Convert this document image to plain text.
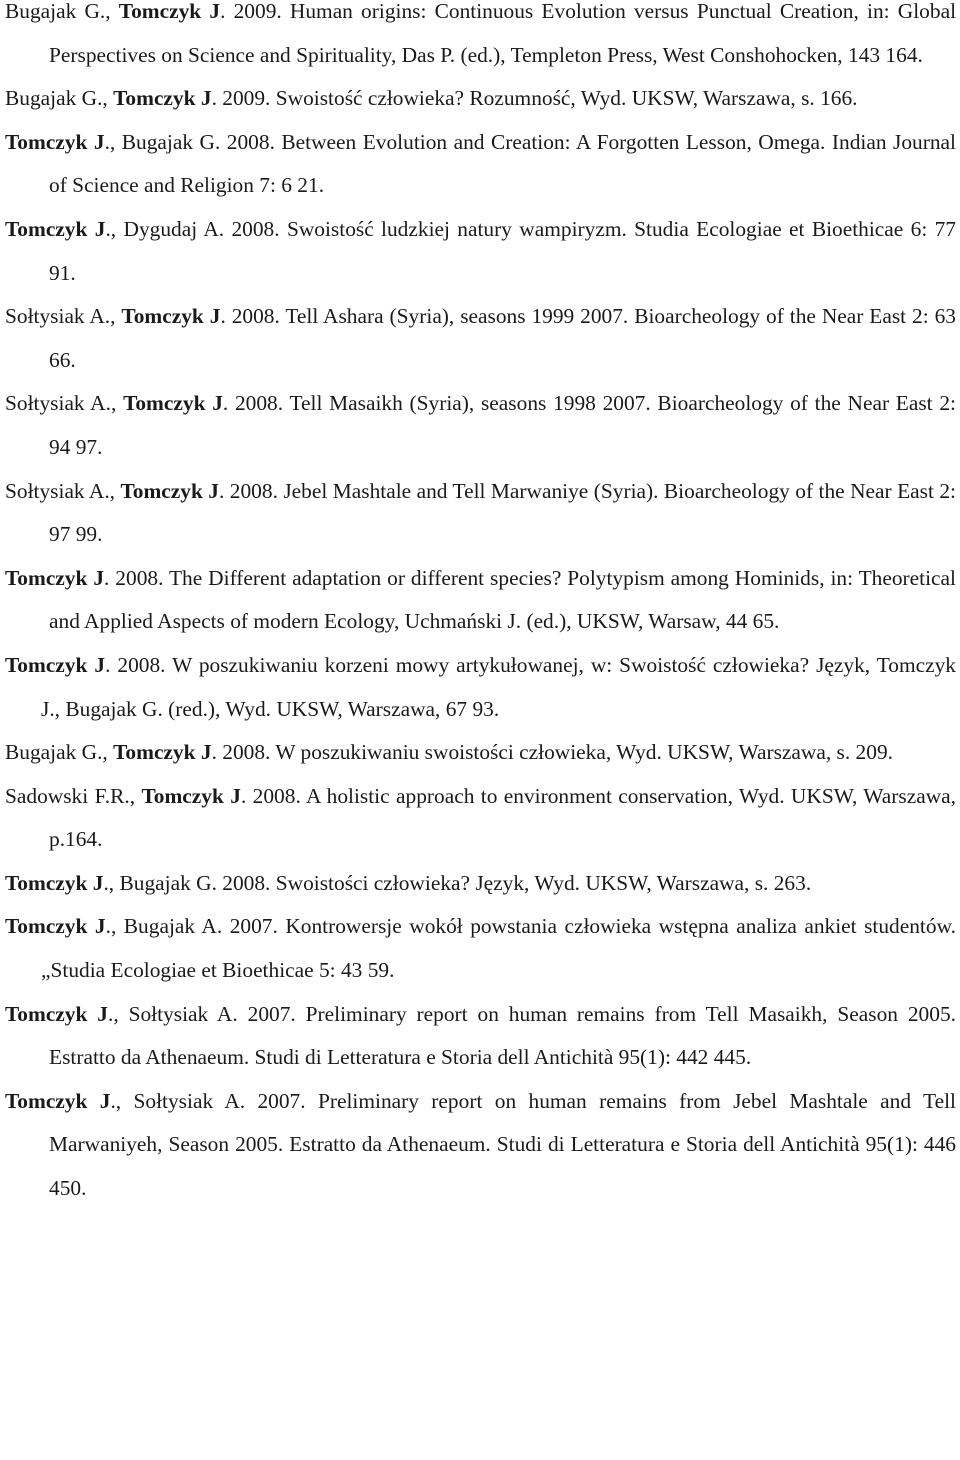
Bugajak G., Tomczyk J. 2009. Human origins: Continuous Evolution versus Punctual Creation, in: Global Perspectives on Science and Spirituality, Das P. (ed.), Templeton Press, West Conshohocken, 143 164.

Bugajak G., Tomczyk J. 2009. Swoistość człowieka? Rozumność, Wyd. UKSW, Warszawa, s. 166.

Tomczyk J., Bugajak G. 2008. Between Evolution and Creation: A Forgotten Lesson, Omega. Indian Journal of Science and Religion 7: 6 21.

Tomczyk J., Dygudaj A. 2008. Swoistość ludzkiej natury wampiryzm. Studia Ecologiae et Bioethicae 6: 77 91.

Sołtysiak A., Tomczyk J. 2008. Tell Ashara (Syria), seasons 1999 2007. Bioarcheology of the Near East 2: 63 66.

Sołtysiak A., Tomczyk J. 2008. Tell Masaikh (Syria), seasons 1998 2007. Bioarcheology of the Near East 2: 94 97.

Sołtysiak A., Tomczyk J. 2008. Jebel Mashtale and Tell Marwaniye (Syria). Bioarcheology of the Near East 2: 97 99.

Tomczyk J. 2008. The Different adaptation or different species? Polytypism among Hominids, in: Theoretical and Applied Aspects of modern Ecology, Uchmański J. (ed.), UKSW, Warsaw, 44 65.

Tomczyk J. 2008. W poszukiwaniu korzeni mowy artykułowanej, w: Swoistość człowieka? Język, Tomczyk J., Bugajak G. (red.), Wyd. UKSW, Warszawa, 67 93.

Bugajak G., Tomczyk J. 2008. W poszukiwaniu swoistości człowieka, Wyd. UKSW, Warszawa, s. 209.

Sadowski F.R., Tomczyk J. 2008. A holistic approach to environment conservation, Wyd. UKSW, Warszawa, p.164.

Tomczyk J., Bugajak G. 2008. Swoistości człowieka? Język, Wyd. UKSW, Warszawa, s. 263.

Tomczyk J., Bugajak A. 2007. Kontrowersje wokół powstania człowieka wstępna analiza ankiet studentów. „Studia Ecologiae et Bioethicae 5: 43 59.

Tomczyk J., Sołtysiak A. 2007. Preliminary report on human remains from Tell Masaikh, Season 2005. Estratto da Athenaeum. Studi di Letteratura e Storia dell Antichità 95(1): 442 445.

Tomczyk J., Sołtysiak A. 2007. Preliminary report on human remains from Jebel Mashtale and Tell Marwaniyeh, Season 2005. Estratto da Athenaeum. Studi di Letteratura e Storia dell Antichità 95(1): 446 450.
